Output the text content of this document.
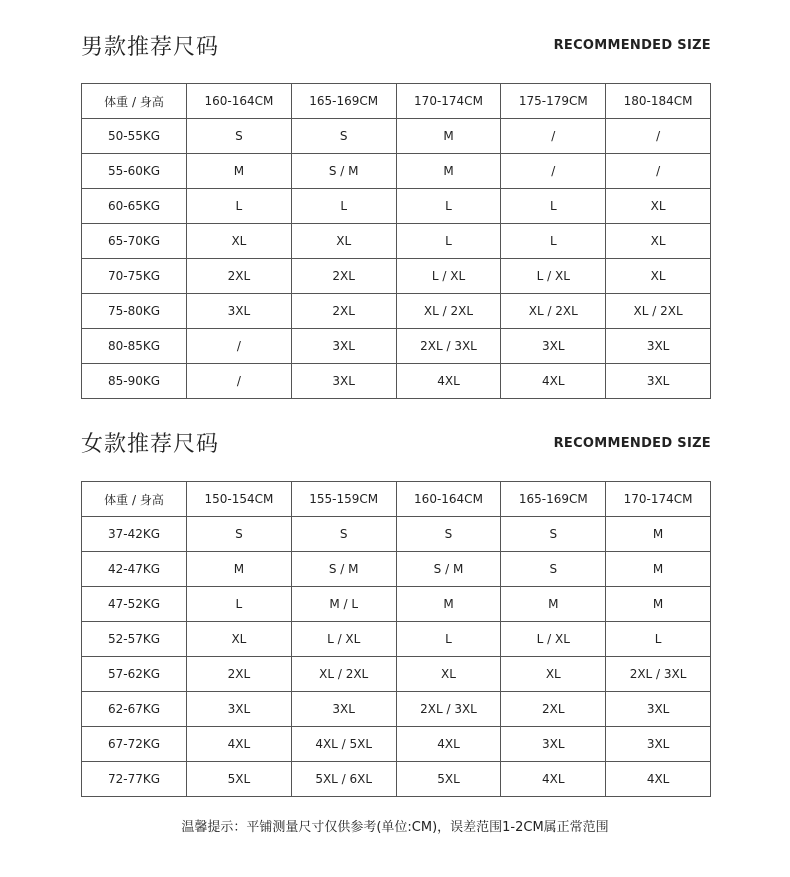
男款推荐尺码	RECOMMENDED SIZE
体重 / 身高	160-164CM	165-169CM	170-174CM	175-179CM	180-184CM
50-55KG	S	S	M	/	/
55-60KG	M	S / M	M	/	/
60-65KG	L	L	L	L	XL
65-70KG	XL	XL	L	L	XL
70-75KG	2XL	2XL	L / XL	L / XL	XL
75-80KG	3XL	2XL	XL / 2XL	XL / 2XL	XL / 2XL
80-85KG	/	3XL	2XL / 3XL	3XL	3XL
85-90KG	/	3XL	4XL	4XL	3XL
女款推荐尺码	RECOMMENDED SIZE
体重 / 身高	150-154CM	155-159CM	160-164CM	165-169CM	170-174CM
37-42KG	S	S	S	S	M
42-47KG	M	S / M	S / M	S	M
47-52KG	L	M / L	M	M	M
52-57KG	XL	L / XL	L	L / XL	L
57-62KG	2XL	XL / 2XL	XL	XL	2XL / 3XL
62-67KG	3XL	3XL	2XL / 3XL	2XL	3XL
67-72KG	4XL	4XL / 5XL	4XL	3XL	3XL
72-77KG	5XL	5XL / 6XL	5XL	4XL	4XL
温馨提示：平铺测量尺寸仅供参考(单位:CM)，误差范围1-2CM属正常范围
